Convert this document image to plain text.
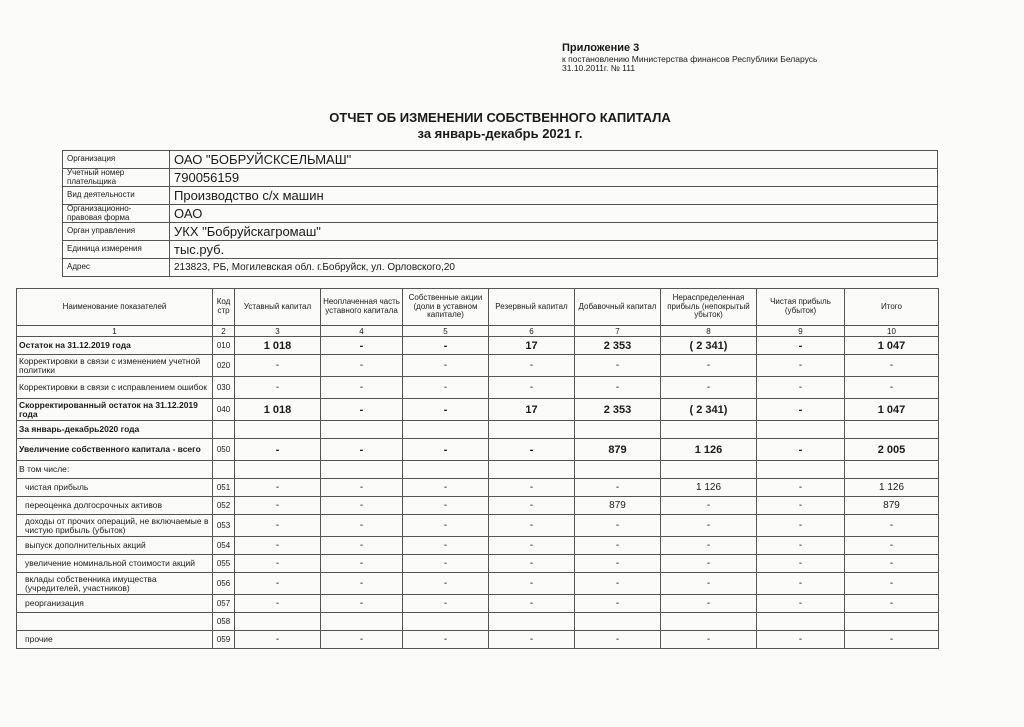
Приложение 3
к постановлению Министерства финансов Республики Беларусь
31.10.2011г. № 111
ОТЧЕТ ОБ ИЗМЕНЕНИИ СОБСТВЕННОГО КАПИТАЛА
за январь-декабрь 2021 г.
Организация	ОАО "БОБРУЙСКСЕЛЬМАШ"
Учетный номер плательщика	790056159
Вид деятельности	Производство с/х машин
Организационно-правовая форма	ОАО
Орган управления	УКХ "Бобруйскагромаш"
Единица измерения	тыс.руб.
Адрес	213823, РБ, Могилевская обл. г.Бобруйск, ул. Орловского,20
Наименование показателей	Код стр	Уставный капитал	Неоплаченная часть уставного капитала	Собственные акции (доли в уставном капитале)	Резервный капитал	Добавочный капитал	Нераспределенная прибыль (непокрытый убыток)	Чистая прибыль (убыток)	Итого
1	2	3	4	5	6	7	8	9	10
Остаток на 31.12.2019 года	010	1 018	-	-	17	2 353	( 2 341)	-	1 047
Корректировки в связи с изменением учетной политики	020	-	-	-	-	-	-	-	-
Корректировки в связи с исправлением ошибок	030	-	-	-	-	-	-	-	-
Скорректированный остаток на 31.12.2019 года	040	1 018	-	-	17	2 353	( 2 341)	-	1 047
За январь-декабрь2020 года									
Увеличение собственного капитала - всего	050	-	-	-	-	879	1 126	-	2 005
В том числе:									
чистая прибыль	051	-	-	-	-	-	1 126	-	1 126
переоценка долгосрочных активов	052	-	-	-	-	879	-	-	879
доходы от прочих операций, не включаемые в чистую прибыль (убыток)	053	-	-	-	-	-	-	-	-
выпуск дополнительных акций	054	-	-	-	-	-	-	-	-
увеличение номинальной стоимости акций	055	-	-	-	-	-	-	-	-
вклады собственника имущества (учредителей, участников)	056	-	-	-	-	-	-	-	-
реорганизация	057	-	-	-	-	-	-	-	-
	058								
прочие	059	-	-	-	-	-	-	-	-
